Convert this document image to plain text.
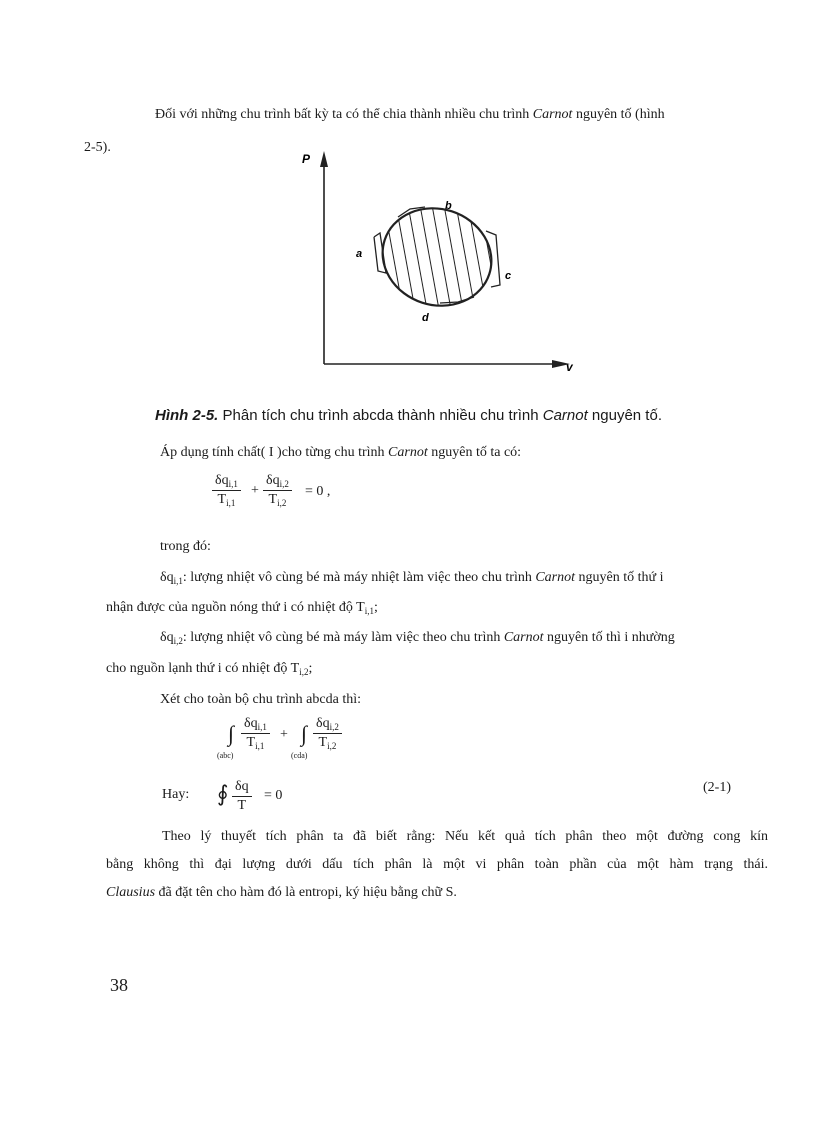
Đối với những chu trình bất kỳ ta có thể chia thành nhiều chu trình Carnot nguyên tố (hình
2-5).
P
v
a
b
c
d
Hình 2-5. Phân tích chu trình abcda thành nhiều chu trình Carnot nguyên tố.
Áp dụng tính chất( I )cho từng chu trình Carnot nguyên tố ta có:
$\delta q_{i,1}$
$T_{i,1}$
+
$\delta q_{i,2}$
$T_{i,2}$
= 0 ,
trong đó:
$\delta q_{i,1}$: lượng nhiệt vô cùng bé mà máy nhiệt làm việc theo chu trình Carnot nguyên tố thứ i
nhận được của nguồn nóng thứ i có nhiệt độ $T_{i,1}$;
$\delta q_{i,2}$: lượng nhiệt vô cùng bé mà máy làm việc theo chu trình Carnot nguyên tố thì i nhường
cho nguồn lạnh thứ i có nhiệt độ $T_{i,2}$;
Xét cho toàn bộ chu trình abcda thì:
∫
(abc)
$\delta q_{i,1}$
$T_{i,1}$
+ ∫
(cda)
$\delta q_{i,2}$
$T_{i,2}$
Hay: ∮ $\frac{\delta q}{T} = 0$
(2-1)
Theo lý thuyết tích phân ta đã biết rằng: Nếu kết quả tích phân theo một đường cong kín
bằng không thì đại lượng dưới dấu tích phân là một vi phân toàn phần của một hàm trạng thái.
Clausius đã đặt tên cho hàm đó là entropi, ký hiệu bằng chữ S.
38
